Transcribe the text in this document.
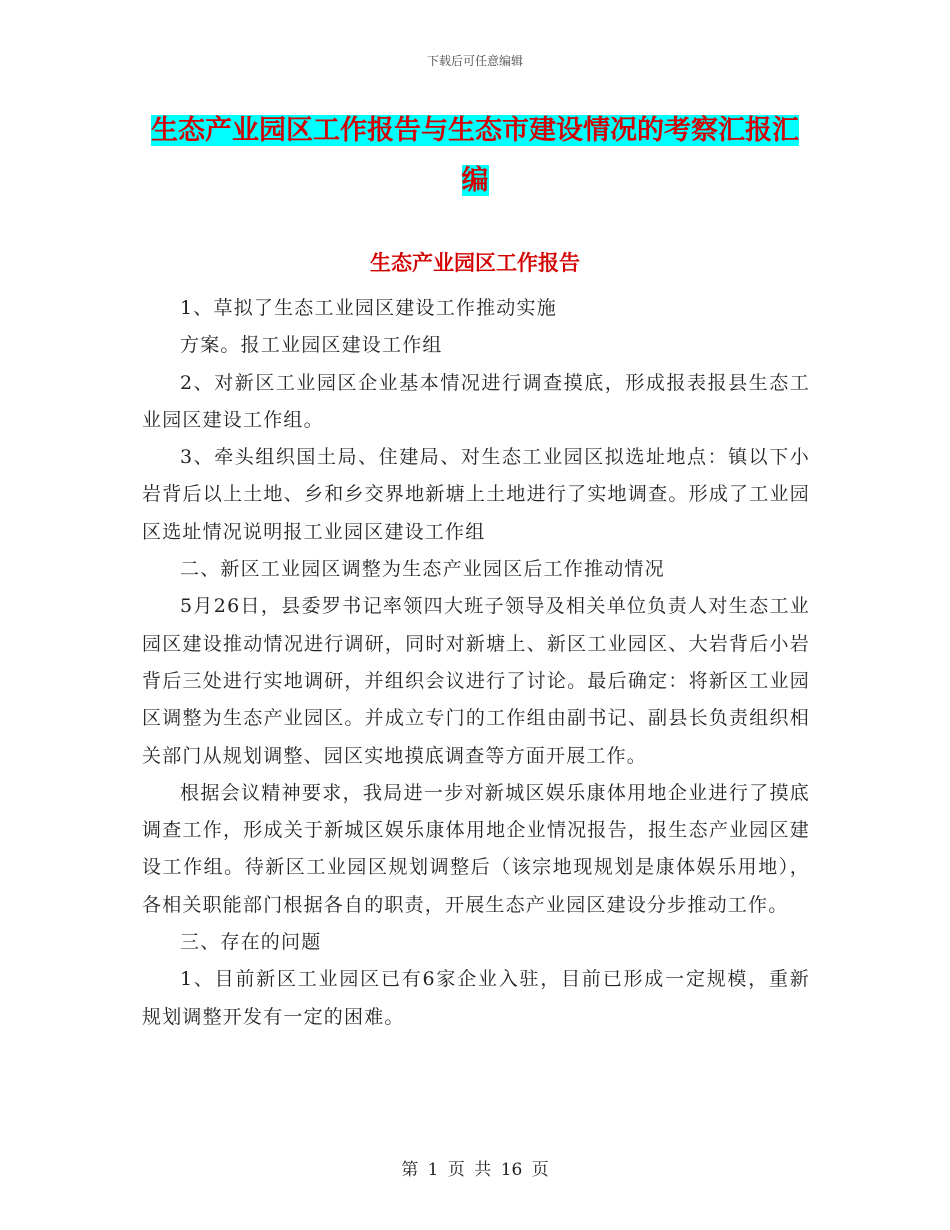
下载后可任意编辑
生态产业园区工作报告与生态市建设情况的考察汇报汇编
生态产业园区工作报告

1、草拟了生态工业园区建设工作推动实施

方案。报工业园区建设工作组

2、对新区工业园区企业基本情况进行调查摸底，形成报表报县生态工业园区建设工作组。

3、牵头组织国土局、住建局、对生态工业园区拟选址地点：镇以下小岩背后以上土地、乡和乡交界地新塘上土地进行了实地调查。形成了工业园区选址情况说明报工业园区建设工作组

二、新区工业园区调整为生态产业园区后工作推动情况

5月26日，县委罗书记率领四大班子领导及相关单位负责人对生态工业园区建设推动情况进行调研，同时对新塘上、新区工业园区、大岩背后小岩背后三处进行实地调研，并组织会议进行了讨论。最后确定：将新区工业园区调整为生态产业园区。并成立专门的工作组由副书记、副县长负责组织相关部门从规划调整、园区实地摸底调查等方面开展工作。

根据会议精神要求，我局进一步对新城区娱乐康体用地企业进行了摸底调查工作，形成关于新城区娱乐康体用地企业情况报告，报生态产业园区建设工作组。待新区工业园区规划调整后（该宗地现规划是康体娱乐用地），各相关职能部门根据各自的职责，开展生态产业园区建设分步推动工作。

三、存在的问题

1、目前新区工业园区已有6家企业入驻，目前已形成一定规模，重新规划调整开发有一定的困难。

第 1 页 共 16 页
